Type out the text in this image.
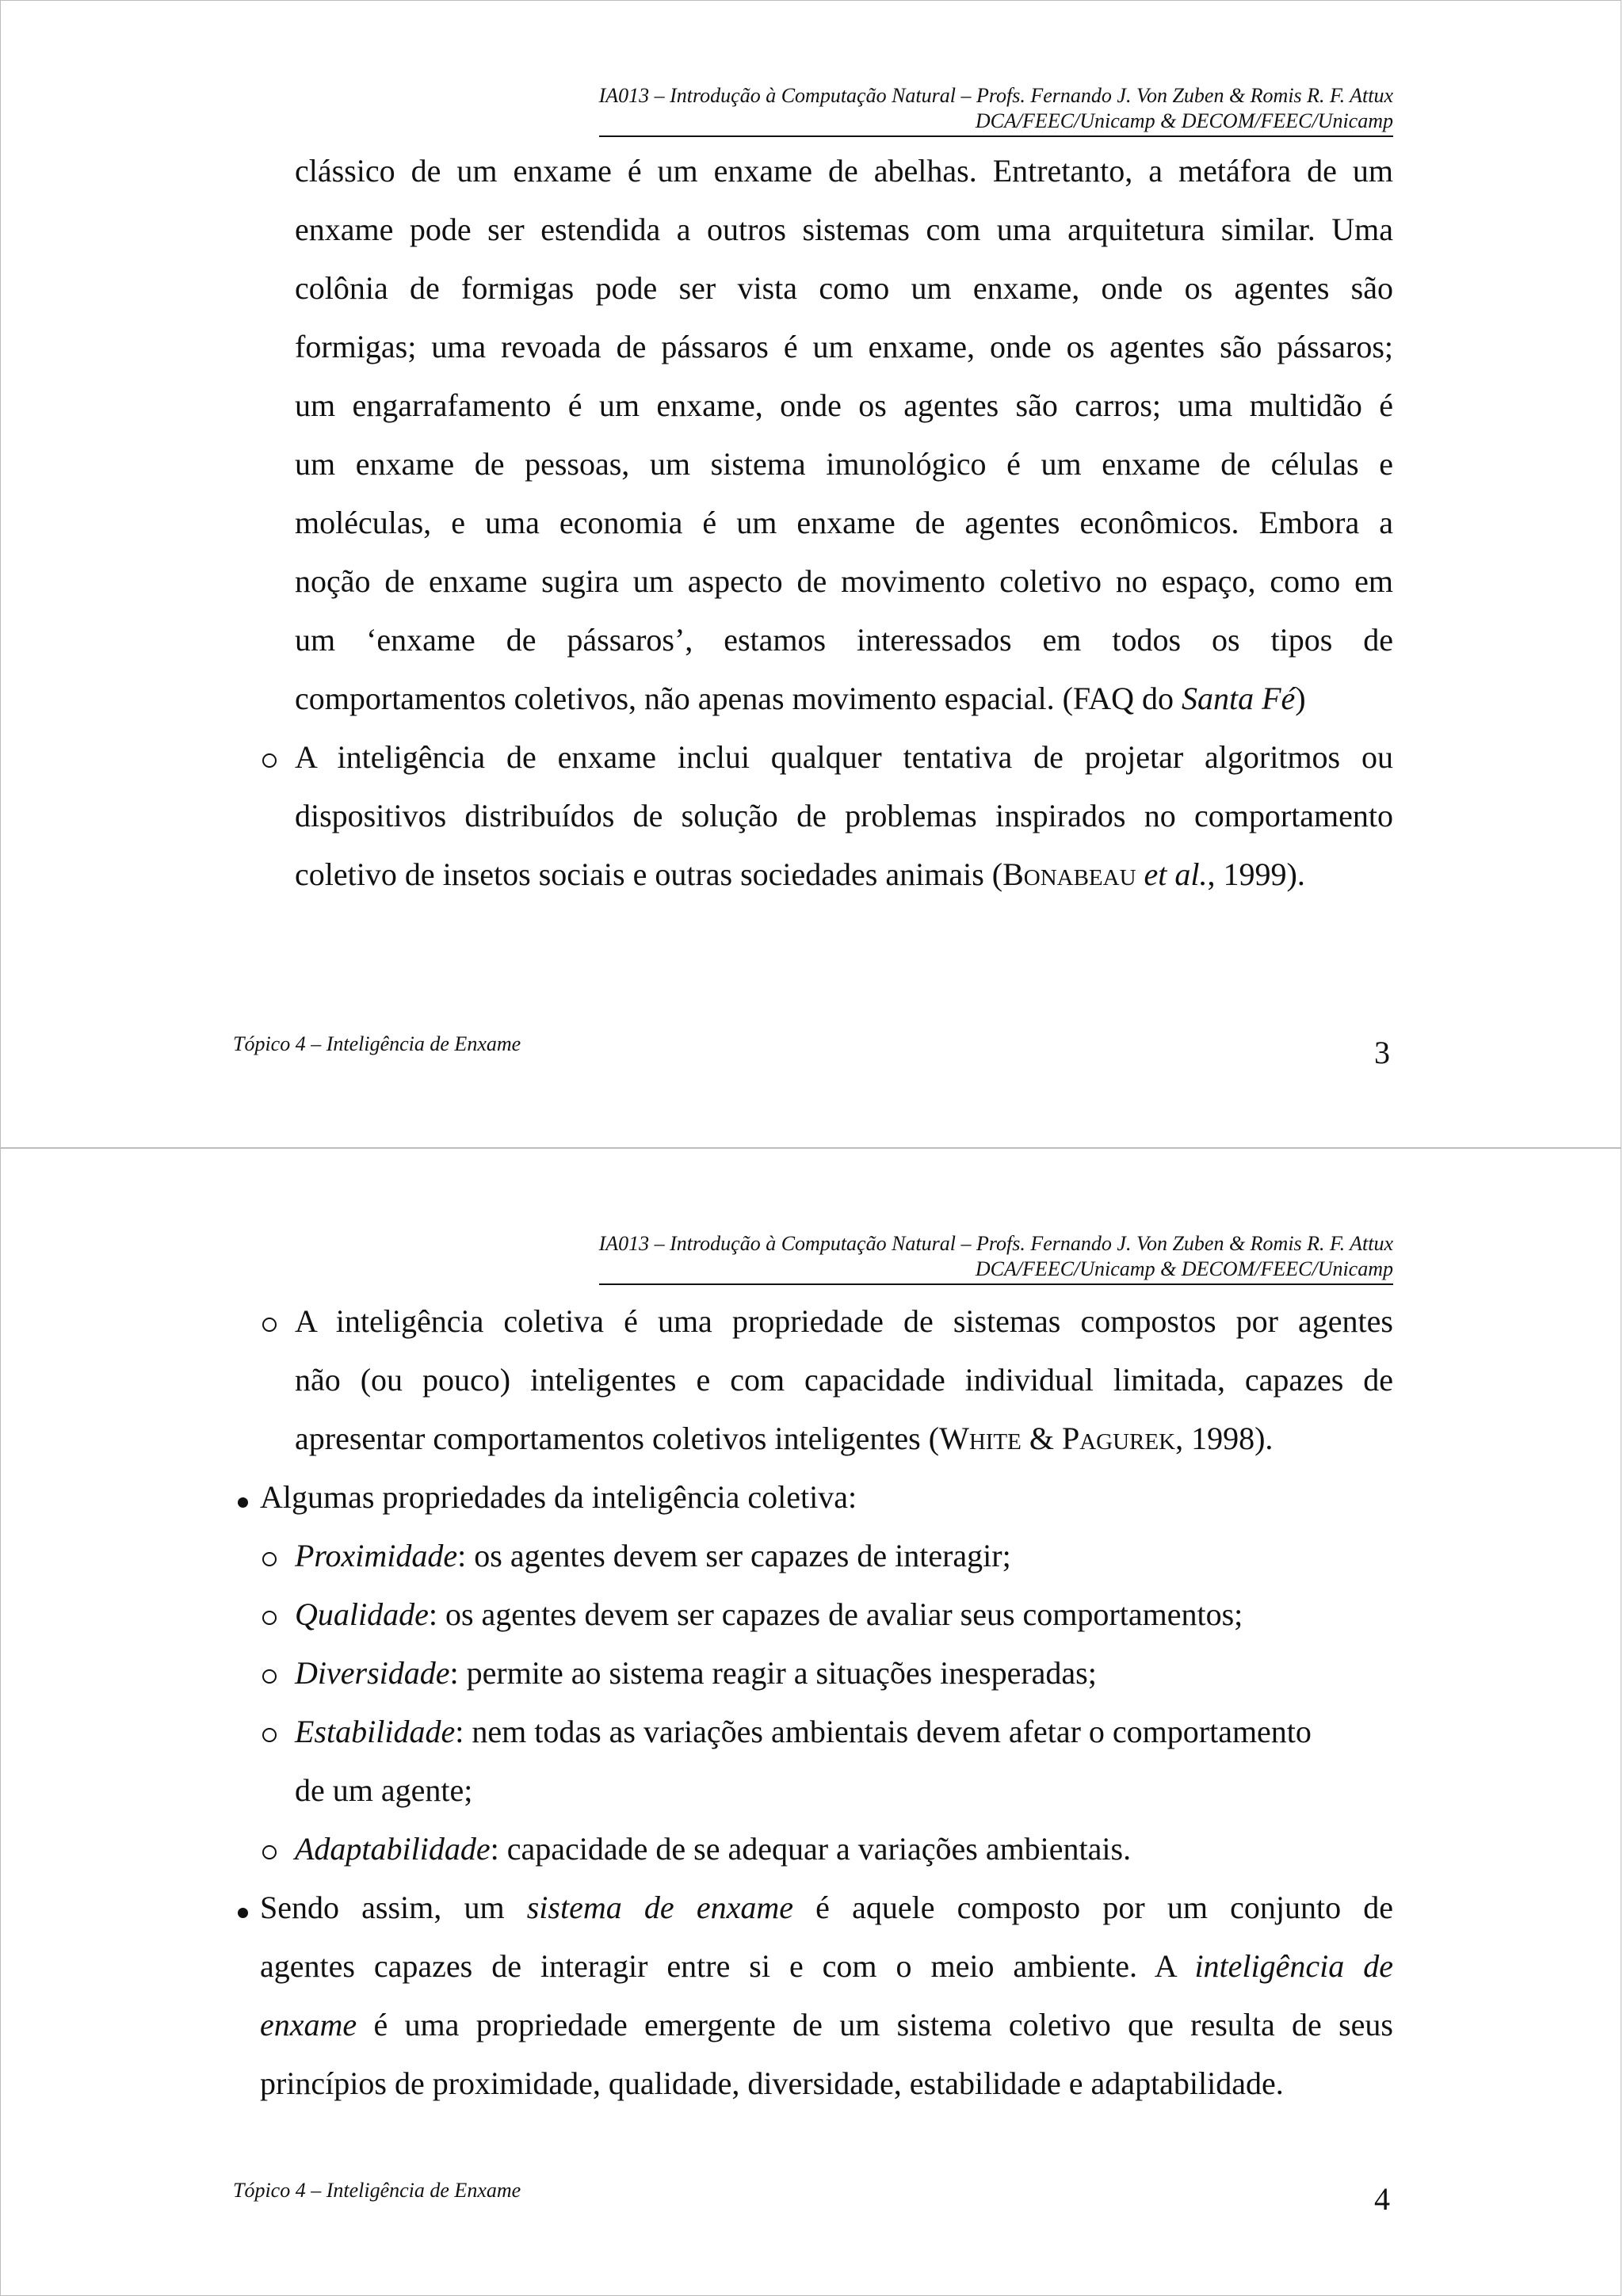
IA013 – Introdução à Computação Natural – Profs. Fernando J. Von Zuben & Romis R. F. Attux
DCA/FEEC/Unicamp & DECOM/FEEC/Unicamp
clássico de um enxame é um enxame de abelhas. Entretanto, a metáfora de um
enxame pode ser estendida a outros sistemas com uma arquitetura similar. Uma
colônia de formigas pode ser vista como um enxame, onde os agentes são
formigas; uma revoada de pássaros é um enxame, onde os agentes são pássaros;
um engarrafamento é um enxame, onde os agentes são carros; uma multidão é
um enxame de pessoas, um sistema imunológico é um enxame de células e
moléculas, e uma economia é um enxame de agentes econômicos. Embora a
noção de enxame sugira um aspecto de movimento coletivo no espaço, como em
um ‘enxame de pássaros’, estamos interessados em todos os tipos de
comportamentos coletivos, não apenas movimento espacial. (FAQ do Santa Fé)
A inteligência de enxame inclui qualquer tentativa de projetar algoritmos ou
dispositivos distribuídos de solução de problemas inspirados no comportamento
coletivo de insetos sociais e outras sociedades animais (BONABEAU et al., 1999).
Tópico 4 – Inteligência de Enxame	3
IA013 – Introdução à Computação Natural – Profs. Fernando J. Von Zuben & Romis R. F. Attux
DCA/FEEC/Unicamp & DECOM/FEEC/Unicamp
A inteligência coletiva é uma propriedade de sistemas compostos por agentes
não (ou pouco) inteligentes e com capacidade individual limitada, capazes de
apresentar comportamentos coletivos inteligentes (WHITE & PAGUREK, 1998).
Algumas propriedades da inteligência coletiva:
Proximidade: os agentes devem ser capazes de interagir;
Qualidade: os agentes devem ser capazes de avaliar seus comportamentos;
Diversidade: permite ao sistema reagir a situações inesperadas;
Estabilidade: nem todas as variações ambientais devem afetar o comportamento
de um agente;
Adaptabilidade: capacidade de se adequar a variações ambientais.
Sendo assim, um sistema de enxame é aquele composto por um conjunto de
agentes capazes de interagir entre si e com o meio ambiente. A inteligência de
enxame é uma propriedade emergente de um sistema coletivo que resulta de seus
princípios de proximidade, qualidade, diversidade, estabilidade e adaptabilidade.
Tópico 4 – Inteligência de Enxame	4
